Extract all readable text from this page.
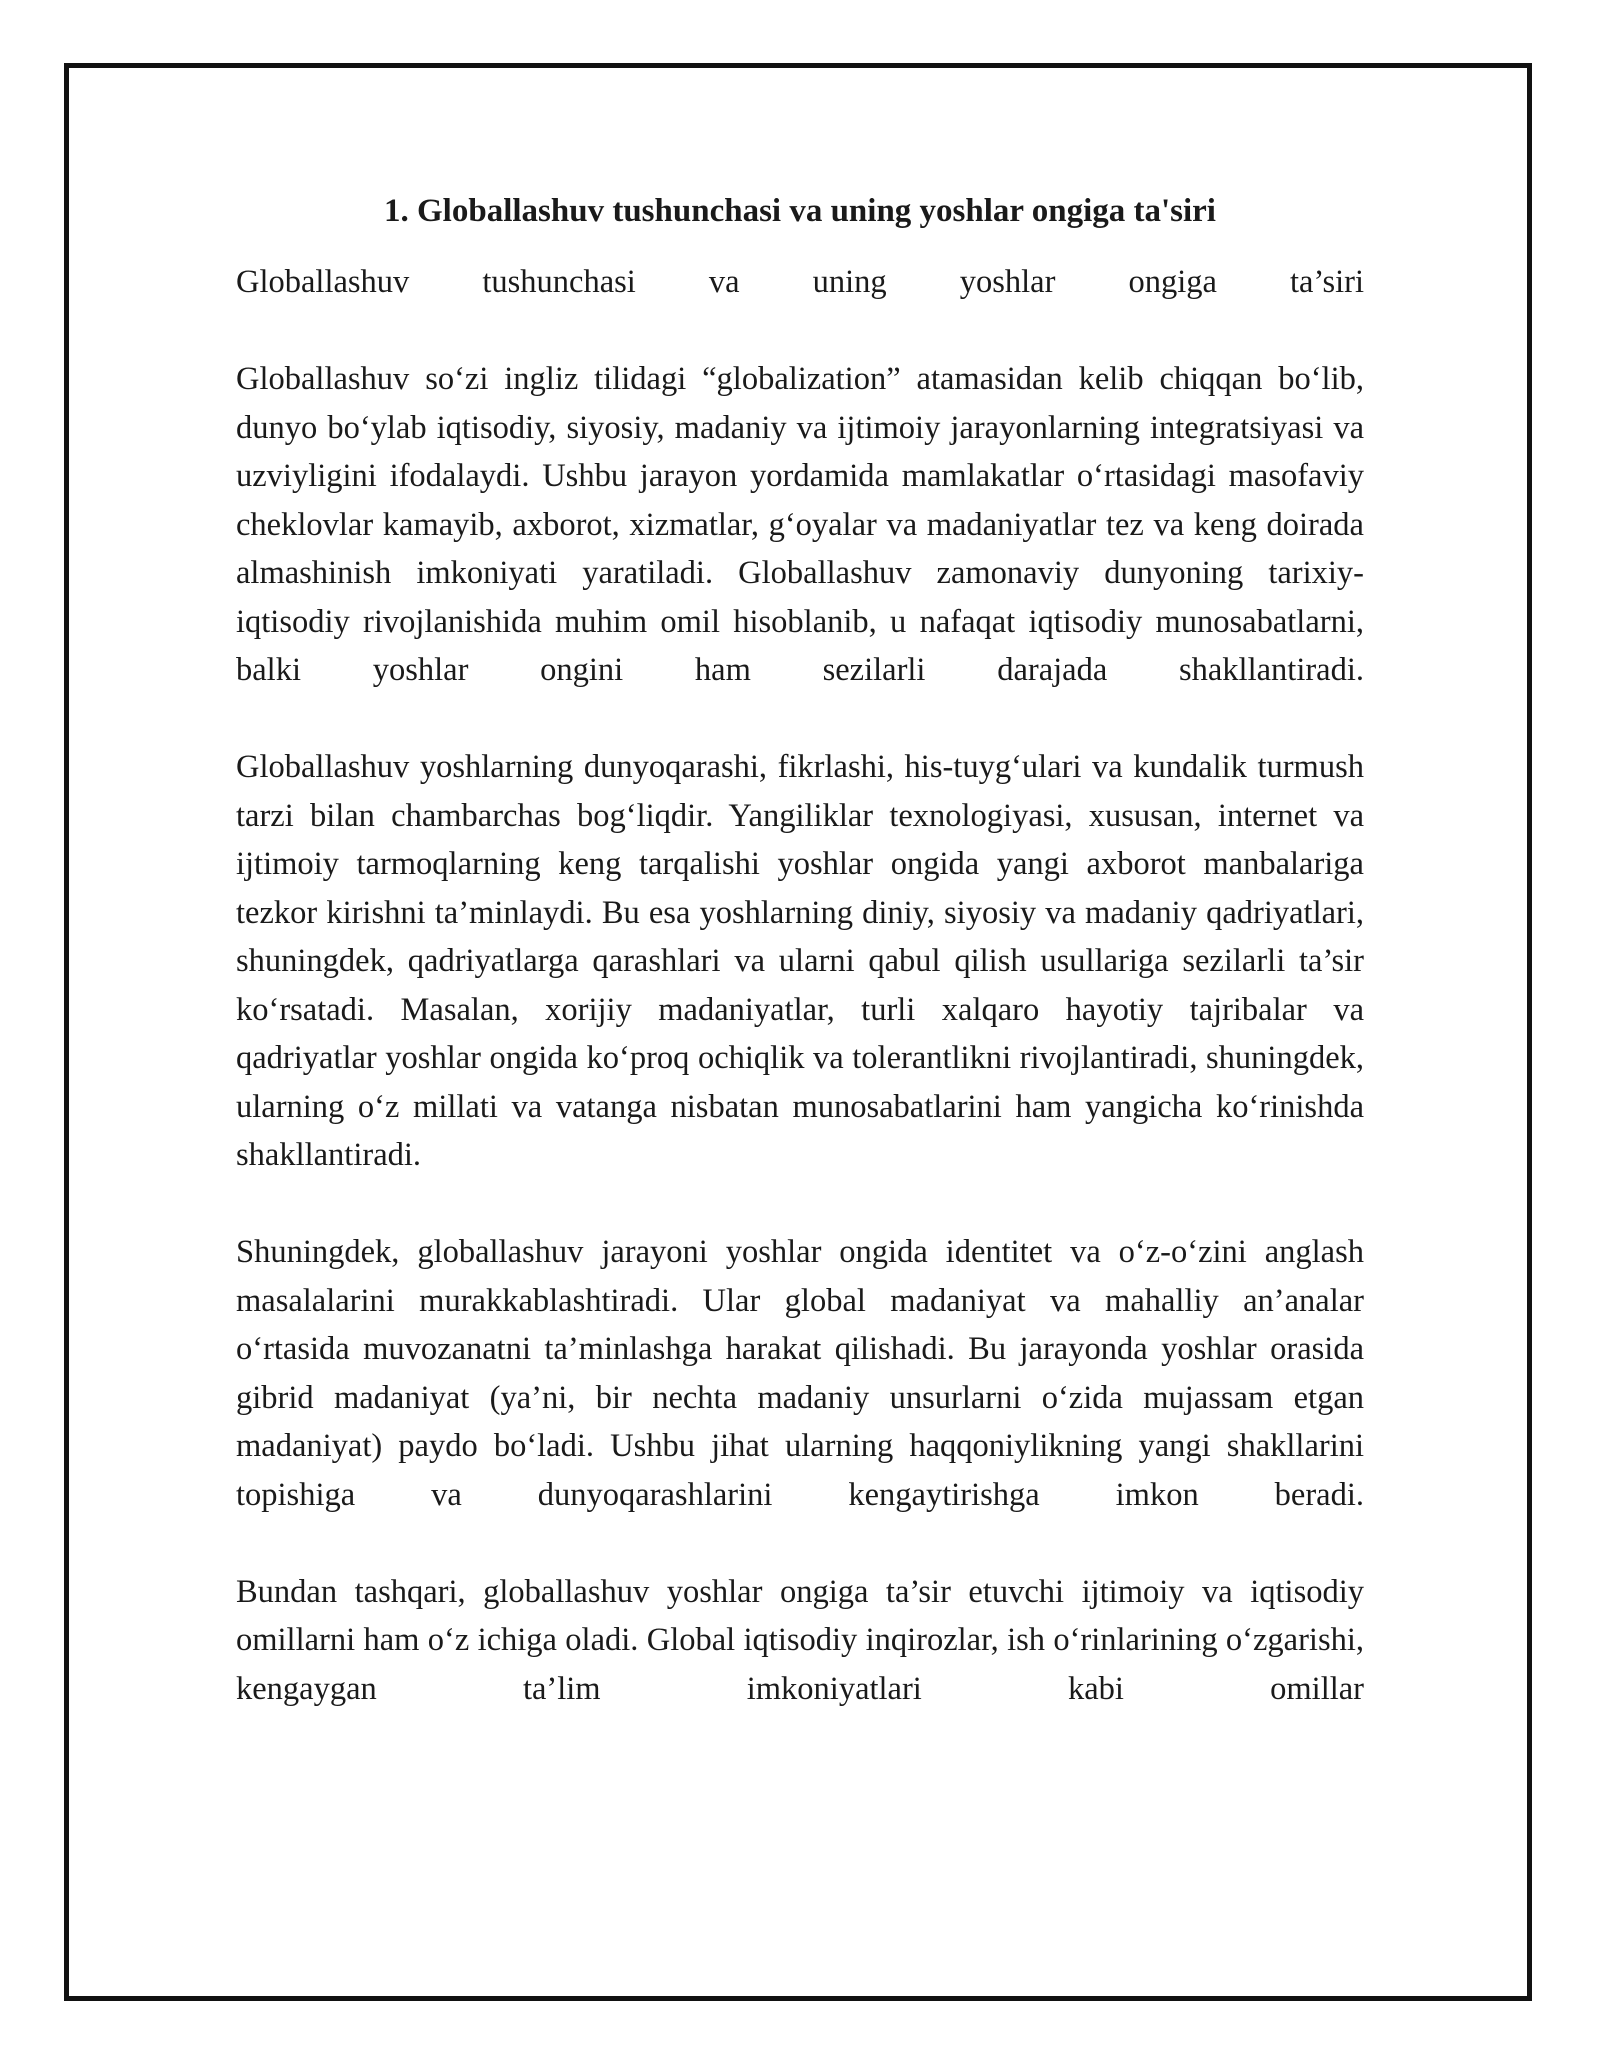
1. Globallashuv tushunchasi va uning yoshlar ongiga ta'siri

Globallashuv tushunchasi va uning yoshlar ongiga ta’siri

Globallashuv so‘zi ingliz tilidagi “globalization” atamasidan kelib chiqqan bo‘lib, dunyo bo‘ylab iqtisodiy, siyosiy, madaniy va ijtimoiy jarayonlarning integratsiyasi va uzviyligini ifodalaydi. Ushbu jarayon yordamida mamlakatlar o‘rtasidagi masofaviy cheklovlar kamayib, axborot, xizmatlar, g‘oyalar va madaniyatlar tez va keng doirada almashinish imkoniyati yaratiladi. Globallashuv zamonaviy dunyoning tarixiy-iqtisodiy rivojlanishida muhim omil hisoblanib, u nafaqat iqtisodiy munosabatlarni, balki yoshlar ongini ham sezilarli darajada shakllantiradi.

Globallashuv yoshlarning dunyoqarashi, fikrlashi, his-tuyg‘ulari va kundalik turmush tarzi bilan chambarchas bog‘liqdir. Yangiliklar texnologiyasi, xususan, internet va ijtimoiy tarmoqlarning keng tarqalishi yoshlar ongida yangi axborot manbalariga tezkor kirishni ta’minlaydi. Bu esa yoshlarning diniy, siyosiy va madaniy qadriyatlari, shuningdek, qadriyatlarga qarashlari va ularni qabul qilish usullariga sezilarli ta’sir ko‘rsatadi. Masalan, xorijiy madaniyatlar, turli xalqaro hayotiy tajribalar va qadriyatlar yoshlar ongida ko‘proq ochiqlik va tolerantlikni rivojlantiradi, shuningdek, ularning o‘z millati va vatanga nisbatan munosabatlarini ham yangicha ko‘rinishda shakllantiradi.

Shuningdek, globallashuv jarayoni yoshlar ongida identitet va o‘z-o‘zini anglash masalalarini murakkablashtiradi. Ular global madaniyat va mahalliy an’analar o‘rtasida muvozanatni ta’minlashga harakat qilishadi. Bu jarayonda yoshlar orasida gibrid madaniyat (ya’ni, bir nechta madaniy unsurlarni o‘zida mujassam etgan madaniyat) paydo bo‘ladi. Ushbu jihat ularning haqqoniylikning yangi shakllarini topishiga va dunyoqarashlarini kengaytirishga imkon beradi.

Bundan tashqari, globallashuv yoshlar ongiga ta’sir etuvchi ijtimoiy va iqtisodiy omillarni ham o‘z ichiga oladi. Global iqtisodiy inqirozlar, ish o‘rinlarining o‘zgarishi, kengaygan ta’lim imkoniyatlari kabi omillar
